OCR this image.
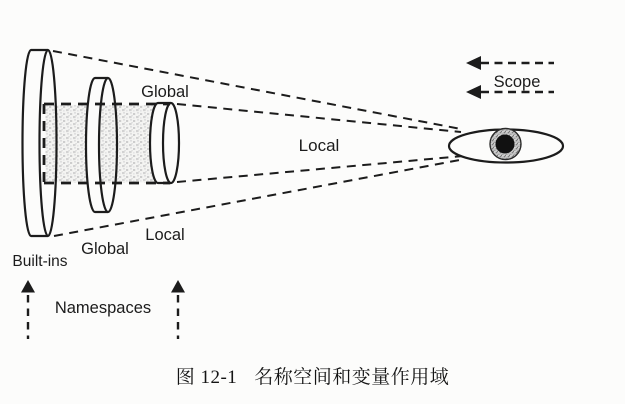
Global
Local
Local
Global
Built-ins
Namespaces
Scope
图 12-1 名称空间和变量作用域
